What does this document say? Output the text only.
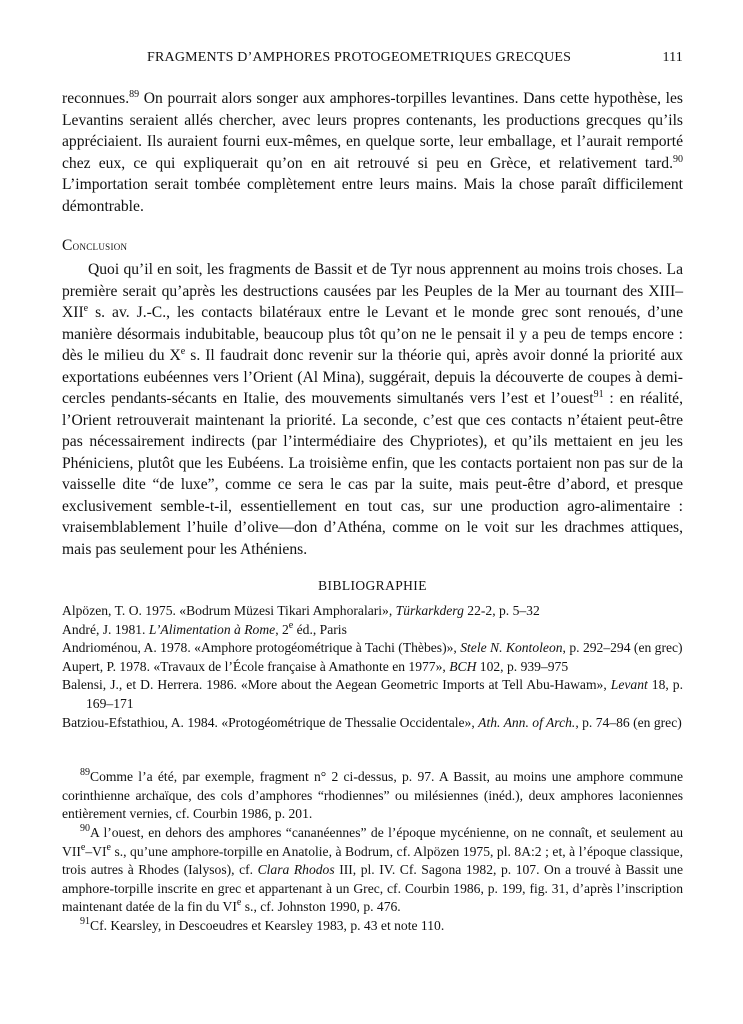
FRAGMENTS D’AMPHORES PROTOGEOMETRIQUES GRECQUES	111

reconnues.$^{89}$ On pourrait alors songer aux amphores-torpilles levantines. Dans cette hypothèse, les Levantins seraient allés chercher, avec leurs propres contenants, les productions grecques qu’ils appréciaient. Ils auraient fourni eux-mêmes, en quelque sorte, leur emballage, et l’aurait remporté chez eux, ce qui expliquerait qu’on en ait retrouvé si peu en Grèce, et relativement tard.$^{90}$ L’importation serait tombée complètement entre leurs mains. Mais la chose paraît difficilement démontrable.

Conclusion

Quoi qu’il en soit, les fragments de Bassit et de Tyr nous apprennent au moins trois choses. La première serait qu’après les destructions causées par les Peuples de la Mer au tournant des XIII–XIIe s. av. J.-C., les contacts bilatéraux entre le Levant et le monde grec sont renoués, d’une manière désormais indubitable, beaucoup plus tôt qu’on ne le pensait il y a peu de temps encore : dès le milieu du Xe s. Il faudrait donc revenir sur la théorie qui, après avoir donné la priorité aux exportations eubéennes vers l’Orient (Al Mina), suggérait, depuis la découverte de coupes à demi-cercles pendants-sécants en Italie, des mouvements simultanés vers l’est et l’ouest$^{91}$ : en réalité, l’Orient retrouverait maintenant la priorité. La seconde, c’est que ces contacts n’étaient peut-être pas nécessairement indirects (par l’intermédiaire des Chypriotes), et qu’ils mettaient en jeu les Phéniciens, plutôt que les Eubéens. La troisième enfin, que les contacts portaient non pas sur de la vaisselle dite “de luxe”, comme ce sera le cas par la suite, mais peut-être d’abord, et presque exclusivement semble-t-il, essentiellement en tout cas, sur une production agro-alimentaire : vraisemblablement l’huile d’olive—don d’Athéna, comme on le voit sur les drachmes attiques, mais pas seulement pour les Athéniens.

BIBLIOGRAPHIE
Alpözen, T. O. 1975. «Bodrum Müzesi Tikari Amphoralari», Türkarkderg 22-2, p. 5–32
André, J. 1981. L’Alimentation à Rome, 2e éd., Paris
Andrioménou, A. 1978. «Amphore protogéométrique à Tachi (Thèbes)», Stele N. Kontoleon, p. 292–294 (en grec)
Aupert, P. 1978. «Travaux de l’École française à Amathonte en 1977», BCH 102, p. 939–975
Balensi, J., et D. Herrera. 1986. «More about the Aegean Geometric Imports at Tell Abu-Hawam», Levant 18, p. 169–171
Batziou-Efstathiou, A. 1984. «Protogéométrique de Thessalie Occidentale», Ath. Ann. of Arch., p. 74–86 (en grec)

$^{89}$Comme l’a été, par exemple, fragment n° 2 ci-dessus, p. 97. A Bassit, au moins une amphore commune corinthienne archaïque, des cols d’amphores “rhodiennes” ou milésiennes (inéd.), deux amphores laconiennes entièrement vernies, cf. Courbin 1986, p. 201.

$^{90}$A l’ouest, en dehors des amphores “cananéennes” de l’époque mycénienne, on ne connaît, et seulement au VIIe–VIe s., qu’une amphore-torpille en Anatolie, à Bodrum, cf. Alpözen 1975, pl. 8A:2 ; et, à l’époque classique, trois autres à Rhodes (Ialysos), cf. Clara Rhodos III, pl. IV. Cf. Sagona 1982, p. 107. On a trouvé à Bassit une amphore-torpille inscrite en grec et appartenant à un Grec, cf. Courbin 1986, p. 199, fig. 31, d’après l’inscription maintenant datée de la fin du VIe s., cf. Johnston 1990, p. 476.

$^{91}$Cf. Kearsley, in Descoeudres et Kearsley 1983, p. 43 et note 110.
